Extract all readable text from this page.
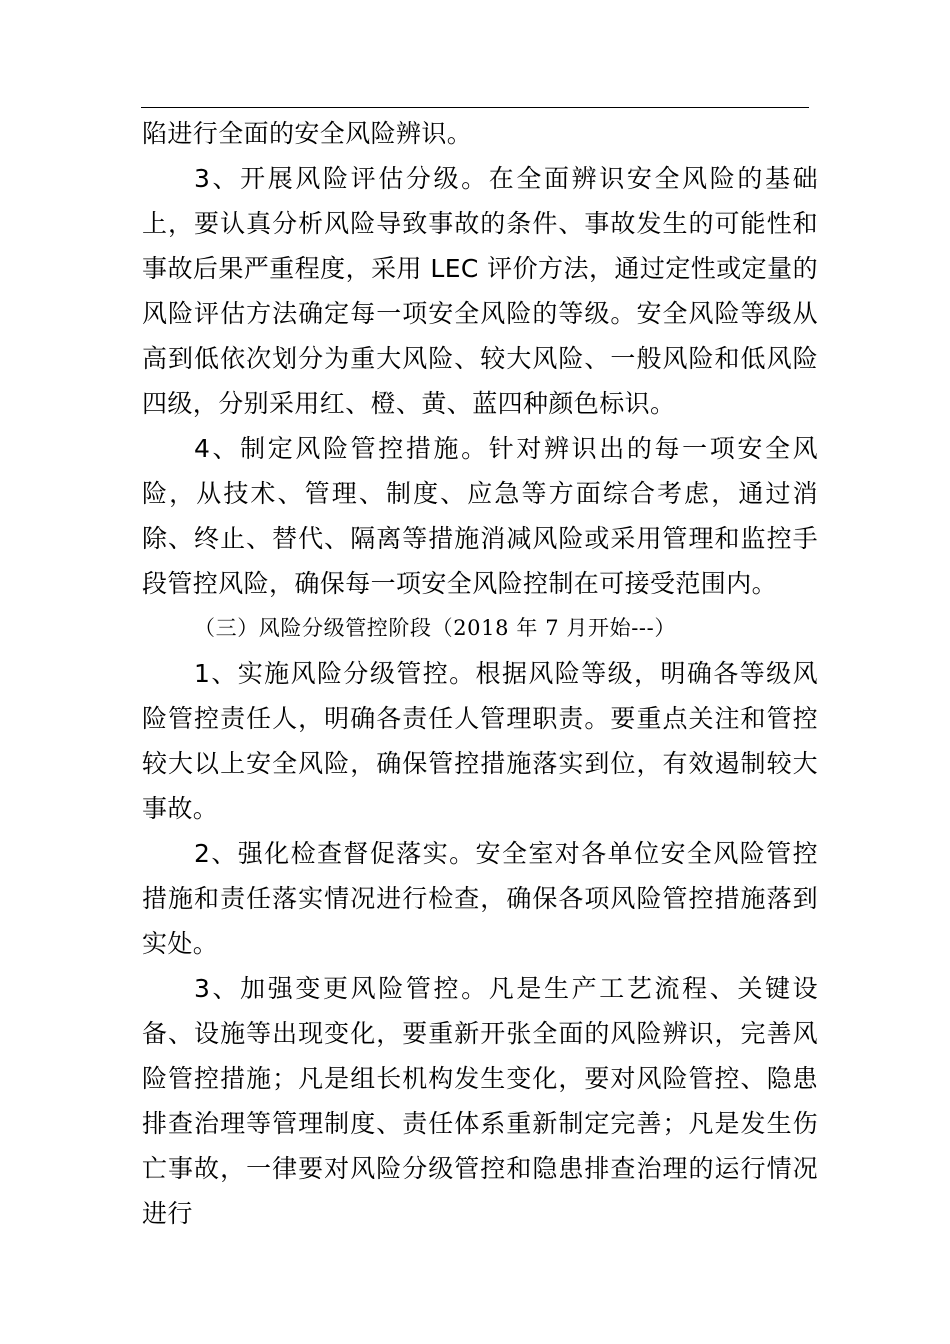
陷进行全面的安全风险辨识。

3、开展风险评估分级。在全面辨识安全风险的基础上，要认真分析风险导致事故的条件、事故发生的可能性和事故后果严重程度，采用 LEC 评价方法，通过定性或定量的风险评估方法确定每一项安全风险的等级。安全风险等级从高到低依次划分为重大风险、较大风险、一般风险和低风险四级，分别采用红、橙、黄、蓝四种颜色标识。

4、制定风险管控措施。针对辨识出的每一项安全风险，从技术、管理、制度、应急等方面综合考虑，通过消除、终止、替代、隔离等措施消减风险或采用管理和监控手段管控风险，确保每一项安全风险控制在可接受范围内。

（三）风险分级管控阶段（2018 年 7 月开始---）

1、实施风险分级管控。根据风险等级，明确各等级风险管控责任人，明确各责任人管理职责。要重点关注和管控较大以上安全风险，确保管控措施落实到位，有效遏制较大事故。

2、强化检查督促落实。安全室对各单位安全风险管控措施和责任落实情况进行检查，确保各项风险管控措施落到实处。

3、加强变更风险管控。凡是生产工艺流程、关键设备、设施等出现变化，要重新开张全面的风险辨识，完善风险管控措施；凡是组长机构发生变化，要对风险管控、隐患排查治理等管理制度、责任体系重新制定完善；凡是发生伤亡事故，一律要对风险分级管控和隐患排查治理的运行情况进行
